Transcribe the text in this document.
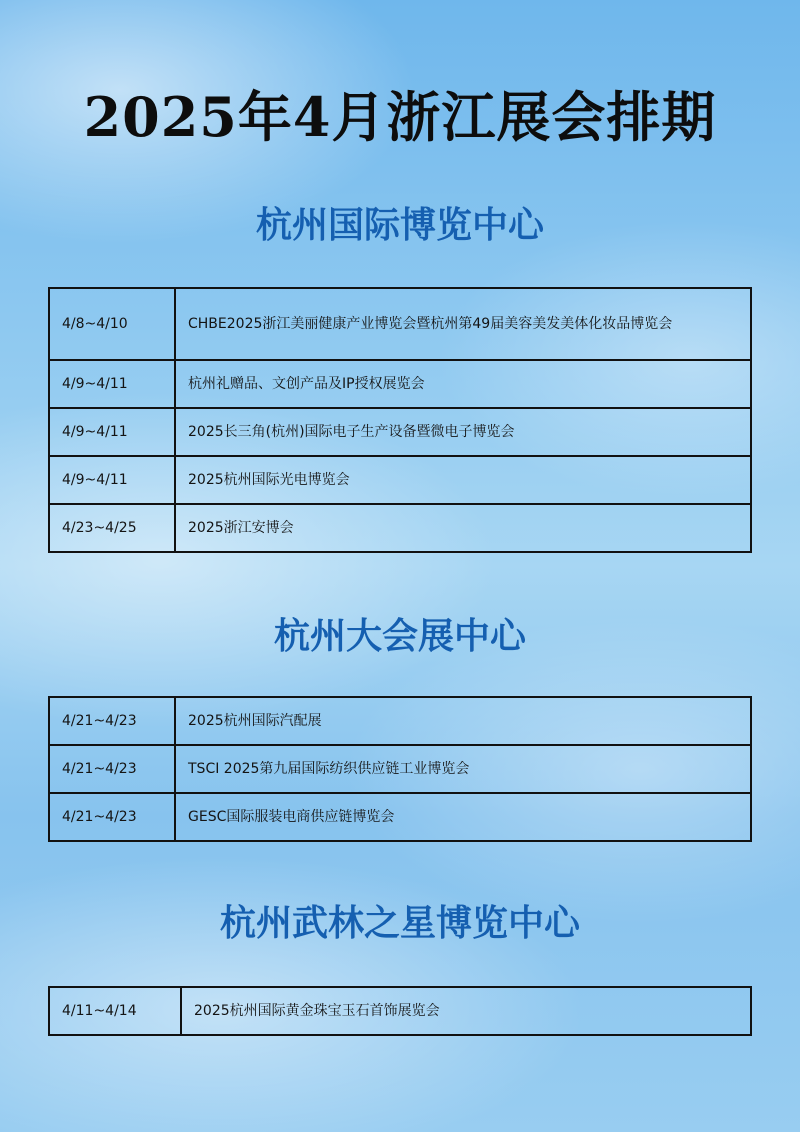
2025年4月浙江展会排期
杭州国际博览中心
4/8~4/10	CHBE2025浙江美丽健康产业博览会暨杭州第49届美容美发美体化妆品博览会
4/9~4/11	杭州礼赠品、文创产品及IP授权展览会
4/9~4/11	2025长三角(杭州)国际电子生产设备暨微电子博览会
4/9~4/11	2025杭州国际光电博览会
4/23~4/25	2025浙江安博会
杭州大会展中心
4/21~4/23	2025杭州国际汽配展
4/21~4/23	TSCI 2025第九届国际纺织供应链工业博览会
4/21~4/23	GESC国际服装电商供应链博览会
杭州武林之星博览中心
4/11~4/14	2025杭州国际黄金珠宝玉石首饰展览会
